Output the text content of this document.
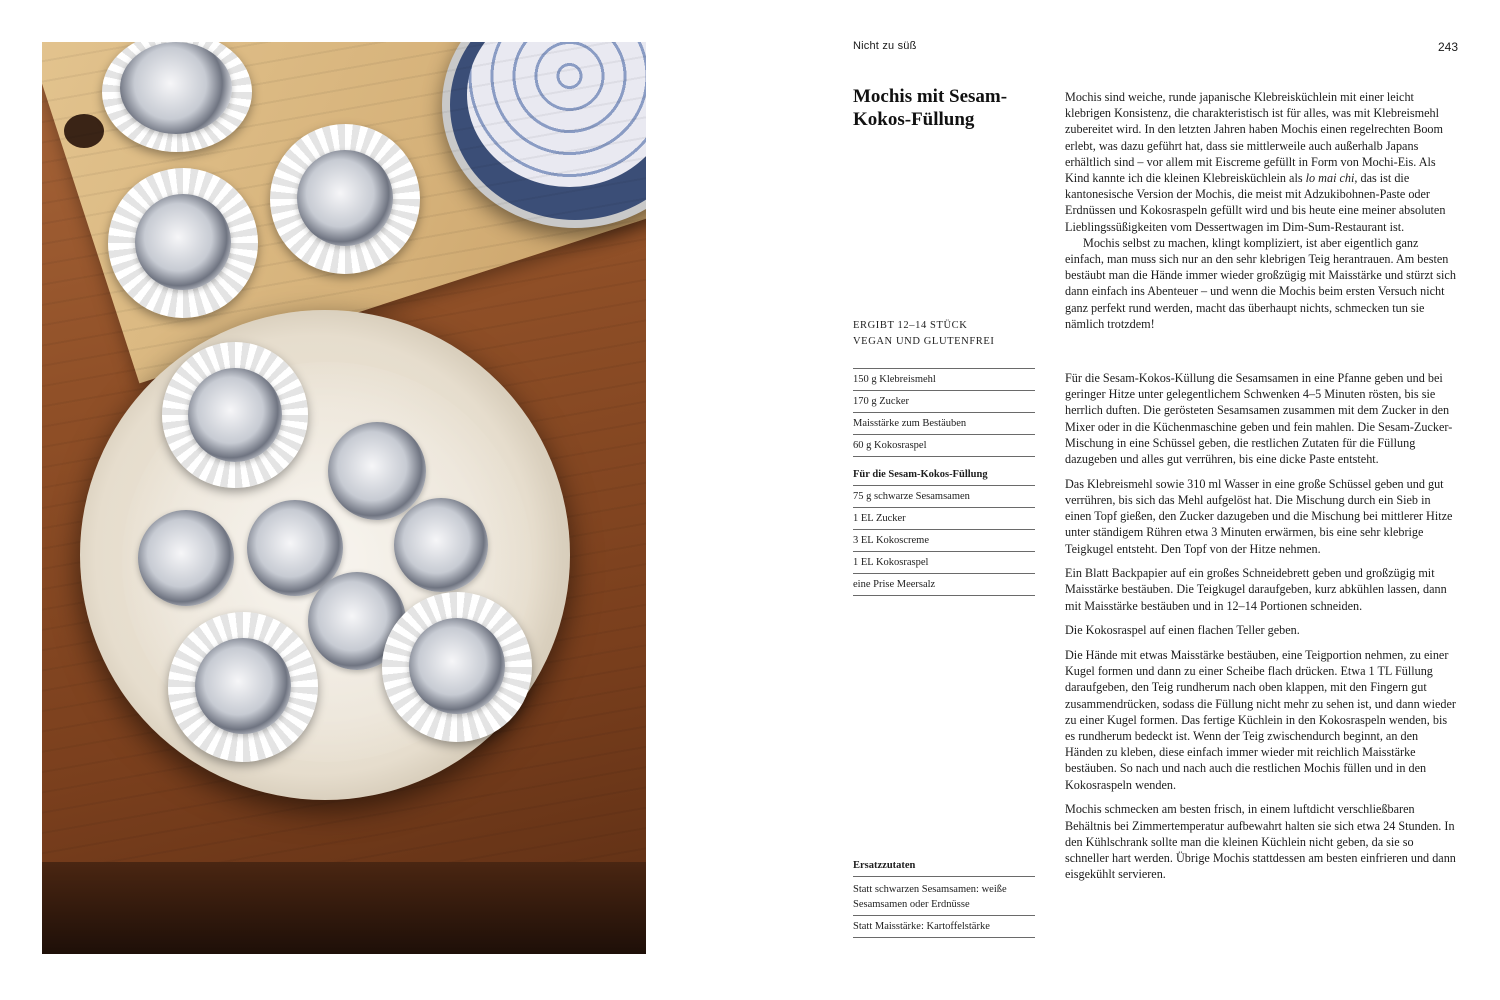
Nicht zu süß	243
Mochis mit Sesam-Kokos-Füllung
ERGIBT 12–14 STÜCK
VEGAN UND GLUTENFREI
150 g Klebreismehl
170 g Zucker
Maisstärke zum Bestäuben
60 g Kokosraspel
Für die Sesam-Kokos-Füllung
75 g schwarze Sesamsamen
1 EL Zucker
3 EL Kokoscreme
1 EL Kokosraspel
eine Prise Meersalz
Ersatzzutaten
Statt schwarzen Sesamsamen: weiße Sesamsamen oder Erdnüsse
Statt Maisstärke: Kartoffelstärke

Mochis sind weiche, runde japanische Klebreisküchlein mit einer leicht klebrigen Konsistenz, die charakteristisch ist für alles, was mit Klebreismehl zubereitet wird. In den letzten Jahren haben Mochis einen regelrechten Boom erlebt, was dazu geführt hat, dass sie mittlerweile auch außerhalb Japans erhältlich sind – vor allem mit Eiscreme gefüllt in Form von Mochi-Eis. Als Kind kannte ich die kleinen Klebreisküchlein als lo mai chi, das ist die kantonesische Version der Mochis, die meist mit Adzukibohnen-Paste oder Erdnüssen und Kokosraspeln gefüllt wird und bis heute eine meiner absoluten Lieblingssüßigkeiten vom Dessertwagen im Dim-Sum-Restaurant ist.

Mochis selbst zu machen, klingt kompliziert, ist aber eigentlich ganz einfach, man muss sich nur an den sehr klebrigen Teig herantrauen. Am besten bestäubt man die Hände immer wieder großzügig mit Maisstärke und stürzt sich dann einfach ins Abenteuer – und wenn die Mochis beim ersten Versuch nicht ganz perfekt rund werden, macht das überhaupt nichts, schmecken tun sie nämlich trotzdem!

Für die Sesam-Kokos-Küllung die Sesamsamen in eine Pfanne geben und bei geringer Hitze unter gelegentlichem Schwenken 4–5 Minuten rösten, bis sie herrlich duften. Die gerösteten Sesamsamen zusammen mit dem Zucker in den Mixer oder in die Küchenmaschine geben und fein mahlen. Die Sesam-Zucker-Mischung in eine Schüssel geben, die restlichen Zutaten für die Füllung dazugeben und alles gut verrühren, bis eine dicke Paste entsteht.

Das Klebreismehl sowie 310 ml Wasser in eine große Schüssel geben und gut verrühren, bis sich das Mehl aufgelöst hat. Die Mischung durch ein Sieb in einen Topf gießen, den Zucker dazugeben und die Mischung bei mittlerer Hitze unter ständigem Rühren etwa 3 Minuten erwärmen, bis eine sehr klebrige Teigkugel entsteht. Den Topf von der Hitze nehmen.

Ein Blatt Backpapier auf ein großes Schneidebrett geben und großzügig mit Maisstärke bestäuben. Die Teigkugel daraufgeben, kurz abkühlen lassen, dann mit Maisstärke bestäuben und in 12–14 Portionen schneiden.

Die Kokosraspel auf einen flachen Teller geben.

Die Hände mit etwas Maisstärke bestäuben, eine Teigportion nehmen, zu einer Kugel formen und dann zu einer Scheibe flach drücken. Etwa 1 TL Füllung daraufgeben, den Teig rundherum nach oben klappen, mit den Fingern gut zusammendrücken, sodass die Füllung nicht mehr zu sehen ist, und dann wieder zu einer Kugel formen. Das fertige Küchlein in den Kokosraspeln wenden, bis es rundherum bedeckt ist. Wenn der Teig zwischendurch beginnt, an den Händen zu kleben, diese einfach immer wieder mit reichlich Maisstärke bestäuben. So nach und nach auch die restlichen Mochis füllen und in den Kokosraspeln wenden.

Mochis schmecken am besten frisch, in einem luftdicht verschließbaren Behältnis bei Zimmertemperatur aufbewahrt halten sie sich etwa 24 Stunden. In den Kühlschrank sollte man die kleinen Küchlein nicht geben, da sie so schneller hart werden. Übrige Mochis stattdessen am besten einfrieren und dann eisgekühlt servieren.
